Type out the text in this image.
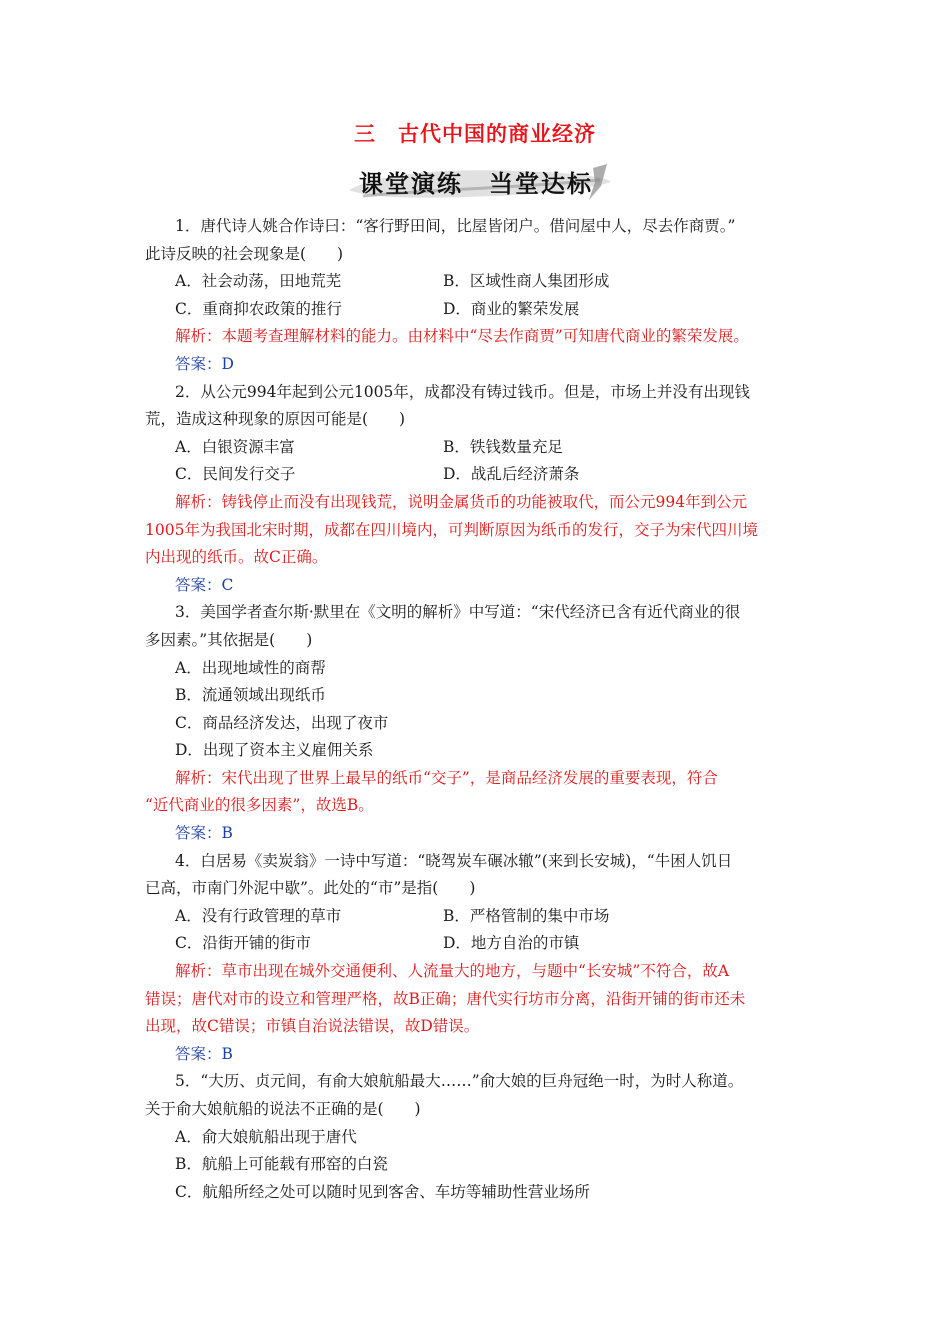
三　古代中国的商业经济
课堂演练　当堂达标
1．唐代诗人姚合作诗曰：“客行野田间，比屋皆闭户。借问屋中人，尽去作商贾。”
此诗反映的社会现象是(　　)
A．社会动荡，田地荒芜	B．区域性商人集团形成
C．重商抑农政策的推行	D．商业的繁荣发展
解析：本题考查理解材料的能力。由材料中“尽去作商贾”可知唐代商业的繁荣发展。
答案：D
2．从公元994年起到公元1005年，成都没有铸过钱币。但是，市场上并没有出现钱
荒，造成这种现象的原因可能是(　　)
A．白银资源丰富	B．铁钱数量充足
C．民间发行交子	D．战乱后经济萧条
解析：铸钱停止而没有出现钱荒，说明金属货币的功能被取代，而公元994年到公元
1005年为我国北宋时期，成都在四川境内，可判断原因为纸币的发行，交子为宋代四川境
内出现的纸币。故C正确。
答案：C
3．美国学者查尔斯·默里在《文明的解析》中写道：“宋代经济已含有近代商业的很
多因素。”其依据是(　　)
A．出现地域性的商帮
B．流通领域出现纸币
C．商品经济发达，出现了夜市
D．出现了资本主义雇佣关系
解析：宋代出现了世界上最早的纸币“交子”，是商品经济发展的重要表现，符合
“近代商业的很多因素”，故选B。
答案：B
4．白居易《卖炭翁》一诗中写道：“晓驾炭车碾冰辙”(来到长安城)，“牛困人饥日
已高，市南门外泥中歇”。此处的“市”是指(　　)
A．没有行政管理的草市	B．严格管制的集中市场
C．沿街开铺的街市	D．地方自治的市镇
解析：草市出现在城外交通便利、人流量大的地方，与题中“长安城”不符合，故A
错误；唐代对市的设立和管理严格，故B正确；唐代实行坊市分离，沿街开铺的街市还未
出现，故C错误；市镇自治说法错误，故D错误。
答案：B
5．“大历、贞元间，有俞大娘航船最大……”俞大娘的巨舟冠绝一时，为时人称道。
关于俞大娘航船的说法不正确的是(　　)
A．俞大娘航船出现于唐代
B．航船上可能载有邢窑的白瓷
C．航船所经之处可以随时见到客舍、车坊等辅助性营业场所
